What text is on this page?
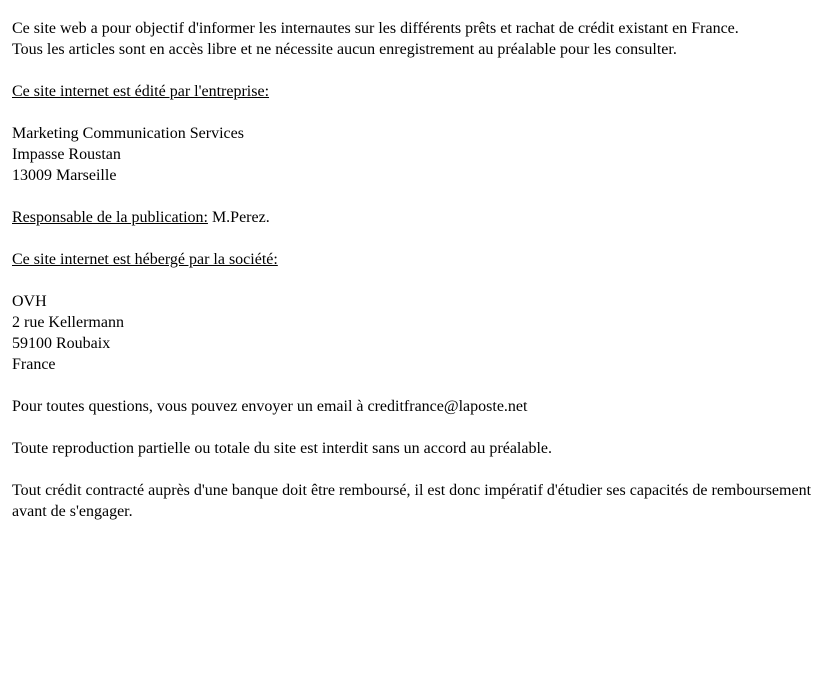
Ce site web a pour objectif d'informer les internautes sur les différents prêts et rachat de crédit existant en France.
Tous les articles sont en accès libre et ne nécessite aucun enregistrement au préalable pour les consulter.
Ce site internet est édité par l'entreprise:
Marketing Communication Services
Impasse Roustan
13009 Marseille
Responsable de la publication: M.Perez.
Ce site internet est hébergé par la société:
OVH
2 rue Kellermann
59100 Roubaix
France
Pour toutes questions, vous pouvez envoyer un email à creditfrance@laposte.net
Toute reproduction partielle ou totale du site est interdit sans un accord au préalable.
Tout crédit contracté auprès d'une banque doit être remboursé, il est donc impératif d'étudier ses capacités de remboursement avant de s'engager.
